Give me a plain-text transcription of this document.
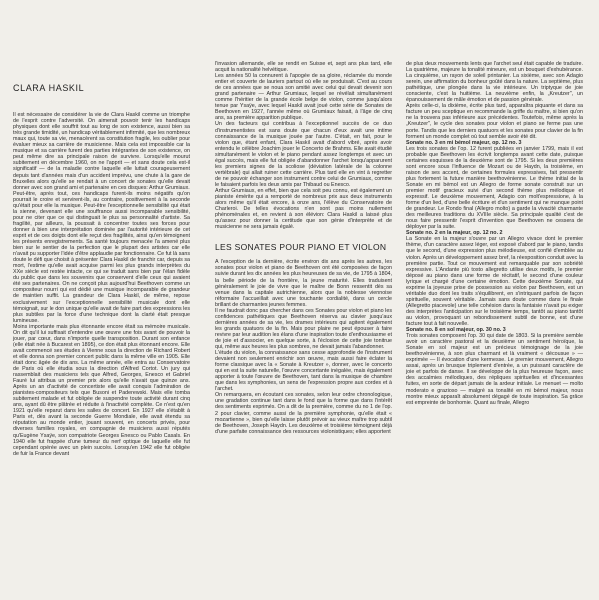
CLARA HASKIL

Il est nécessaire de considérer la vie de Clara Haskil comme un triomphe de l'esprit contre l'adversité. On aimerait pouvoir tenir les handicaps physiques dont elle souffrit tout au long de son existence, aussi bien sa très grande timidité, un handicap véritablement infirmité, que les nombreux maux qui, toute sa vie, menacèrent sa constitution fragile, les oublier pour évaluer mieux sa carrière de musicienne. Mais cela est impossible car la musique et sa carrière furent des parties intégrantes de son existence, on peut même dire sa principale raison de survivre. Lorsqu'elle mourut subitement en décembre 1960, on ne l'apprit — et sans doute cela est-il significatif — de la maladie contre laquelle elle luttait courageusement depuis tant d'années mais d'un accident imprévu, une chute à la gare de Bruxelles alors qu'elle se rendait à un concert de sonates qu'elle devait donner avec son grand ami et partenaire en ces disques: Arthur Grumiaux.

Peut-être, après tout, ces handicaps furent-ils moins négatifs qu'on pourrait le croire et servirent-ils, au contraire, positivement à la seconde qu'était pour elle la musique. Peut-être l'exceptionnelle sensibilité qui était la sienne, devenant elle une souffrance aussi incomparable sensibilité, pour ne citer que ce qui distinguait le plus sa personnalité d'artiste. Sa fragilité, par ailleurs, la poussait à concentrer toutes ses forces pour donner à bien une interprétation dominée par l'autorité intérieure de cet esprit et de ces doigts dont elle reçut des fragilités, ainsi qu'en témoignent les présents enregistrements. Sa santé toujours menacée l'a amené plus bien sur le sentier de la perfection que le plupart des artistes car elle n'avait pu supporter l'idée d'être applaudie par fonctionnaire. Ce fut là sans doute le défi que choisit à présenter Clara Haskil de franchir car, depuis sa mort, l'estime qu'elle avait acquise parmi les plus grands interprètes du XXe siècle est restée intacte, ce qui se traduit sans bien par l'élan fidèle du public que dans les souvenirs que conservent d'elle ceux qui avaient été ses partenaires. On ne conçoit plus aujourd'hui Beethoven comme un compositeur nourri qui est dédié une musique incomparable de grandeur de maintien suffit. La grandeur de Clara Haskil, de même, repose exclusivement sur l'exceptionnelle sensibilité musicale dont elle témoignait, sur le don unique qu'elle avait de faire part des expressions les plus subtiles par la force d'une technique dont la clarté était presque lumineuse.

Moins importante mais plus étonnante encore était sa mémoire musicale. On dit qu'il lui suffisait d'entendre une œuvre une fois avant de pouvoir la jouer, par cœur, dans n'importe quelle transposition. Durant son enfance (elle était née à Bucarest en 1895), ce don était plus étonnant encore. Elle avait commencé ses études à Vienne sous la direction de Richard Robert et elle donna son premier concert public dans la même ville en 1905. Elle était donc âgée de dix ans. La même année, elle entra au Conservatoire de Paris où elle étudia sous la direction d'Alfred Cortot. Un jury qui rassemblait des musiciens tels que Alfred, Georges, Enesco et Gabriel Fauré lui attribua un premier prix alors qu'elle n'avait que quinze ans. Après un an d'activité de concertiste elle avait conquis l'admiration de pianistes-compositeurs tels que Busoni et Paderewski. Mais elle tomba subitement malade et fut obligée de suspendre toute activité durant cinq ans, ayant dû être plâtrée et réduite à l'inactivité complète. Ce n'est qu'en 1921 qu'elle reparut dans les salles de concert. En 1927 elle s'établit à Paris et, dès avant la seconde Guerre Mondiale, elle avait étendu sa réputation au monde entier, jouant souvent, en concerts privés, pour diverses familles royales, en compagnie de musiciens aussi réputés qu'Eugène Ysaÿe, son compatriote Georges Enesco ou Pablo Casals. En 1940 elle fut frappée d'une tumeur du nerf optique de laquelle elle fut cependant opérée avec un plein succès. Lorsqu'en 1942 elle fut obligée de fuir la France devant

l'invasion allemande, elle se rendit en Suisse et, sept ans plus tard, elle acquit la nationalité helvétique.

Les années 50 la connurent à l'apogée de sa gloire, réclamée du monde entier et couverte de lauriers partout où elle se produisait. C'est au cours de ces années que se noua son amitié avec celui qui devait devenir son grand partenaire — Arthur Grumiaux, lequel se révélait simultanément comme l'héritier de la grande école belge de violon, comme jusqu'alors tenue par Ysaÿe, avec lequel Haskil avait joué cette série de Sonates de Beethoven en 1927, l'année même où Grumiaux faisait, à l'âge de cinq ans, sa première apparition publique.

Un des facteurs qui contribua à l'exceptionnel succès de ce duo d'instrumentistes est sans doute que chacun d'eux avait une intime connaissance de la musique jouée par l'autre. C'était, en fait, pour le violon que, étant enfant, Clara Haskil avait d'abord vibré, après avoir entendu le célèbre Joachim jouer le Concerto de Brahms. Elle avait étudié simultanément le violon et le piano pendant assez longtemps et avec un égal succès, mais elle fut obligée d'abandonner l'archet lorsqu'apparurent les premiers signes de la scoliose (déviation latérale de la colonne vertébrale) qui allait ruiner cette carrière. Plus tard elle en vint à regretter de ne pouvoir échanger son instrument contre celui de Grumiaux, comme le faisaient parfois les deux amis par Thibaud ou Enesco.

Arthur Grumiaux, en effet, bien que cela soit peu connu, est également un pianiste émérite qui a remporté de nombreux prix aux deux instruments alors même qu'il était encore, à onze ans, l'élève du Conservatoire de Charleroi. De telles évocations n'en sont pas moins nullement phénoménales et, en revient à son élévion: Clara Haskil a laissé plus qu'assez pour donner la certitude que son génie d'interprète et de musicienne ne sera jamais égalé.

LES SONATES POUR PIANO ET VIOLON

A l'exception de la dernière, écrite environ dix ans après les autres, les sonates pour violon et piano de Beethoven ont été composées de façon suivie durant les dix années les plus heureuses de sa vie, de 1795 à 1804, la belle période de la frontière, la jeune maturité. Elles traduisent généralement le joie de vivre que le maître de Bonn ressentit dès sa venue dans la capitale autrichienne, alors que la noblesse viennoise réformaire l'accueillait avec une touchante cordialité, dans un cercle brillant de charmantes jeunes femmes.

Il ne faudrait donc pas chercher dans ces Sonates pour violon et piano les confidences pathétiques que Beethoven réserva au clavier jusqu'aux dernières années de sa vie, les drames intérieurs qui agitent également les grands quatuors de la fin. Mais pour plaire ne peut épouser à faire revivre par leur audition les élans d'une inspiration toute d'enthousiasme et de joie et d'associer, en quelque sorte, à l'éclosion de cette joie tonitrue qui, même aux heures les plus sombres, ne devait jamais l'abandonner.

L'étude du violon, la connaissance sans cesse approfondie de l'instrument devaient non seulement enrichir son œuvre, mais aussi faire éclater la forme classique avec la « Sonate à Kreutzer », donner, avec le concerto qui en est la suite naturelle, l'œuvre concertante inégalée, mais également apporter à toute l'œuvre de Beethoven, tant dans la musique de chambre que dans les symphonies, un sens de l'expression propre aux cordes et à l'archet.

On remarquera, en écoutant ces sonates, selon leur ordre chronologique, une gradation continue tant dans le fond que la forme que dans l'intérêt des sentiments exprimés. On a dit de la première, comme du no 1 de l'op. 2 pour clavier, comme aussi de la première symphonie, qu'elle était « mozartienne », bien qu'elle laisse plutôt prévoir au vieux maître trop subtil de Beethoven, Joseph Haydn. Les deuxième et troisième témoignent déjà d'une parfaite connaissance des ressources violonistiques; elles apportent

de plus deux mouvements lents que l'archet seul était capable de traduire. La quatrième, majeure la tonalité mineure, est un bouquet d'exhubérance. La cinquième, un rayon de soleil printanier. La sixième, avec son Adagio serein, une affirmation du bonheur goûté dans la nature. La septième, plus pathétique, une plongée dans la vie intérieure. Un triptyque de joie consciente, c'est la huitième. La neuvième enfin, la „Kreutzer", un épanouissement de mâle émotion et de passion générale.

Après celle-ci, la dixième, écrite plus tard, apparaîtra piquante et dans sa facture un peu sceptique en recommande la griffe du maître, si bien qu'on ne la trouvera pas inférieure aux précédentes. Toutefois, même après la „Kreutzer", le cycle des sonates pour violon et piano se ferme pas une porte. Tandis que les derniers quatuors et les sonates pour clavier de la fin forment un monde complet où tout semble avoir été dit.

Sonate no. 3 en mi bémol majeur, op. 12 no. 3

Les trois sonates de l'op. 12 furent publiées en janvier 1799, mais il est probable que Beethoven les écrivit longtemps avant cette date, puisque certaines esquisses de la deuxième sont de 1795. Si les deux premières sont encore sous l'influence de Mozart ou de Haydn, la troisième, en raison de ses accent, de certaines formules expressives, fait pressentir plus fortement la future manière beethovénienne. Le thème initial de la Sonate en mi bémol est un Allegro de forme sonate construit sur un premier motif gracieux suivi d'un second thème plus mélodique et expressif. Le deuxième mouvement, Adagio con molt'espressione, à la forme d'un lied, d'une belle écriture et d'un sentiment qui ne manque point de grandeur. Le Rondo final (Allegro molto) a garde la vivacité charmante des meilleures traditions du XVIIIe siècle. Sa principale qualité c'est de nous faire pressentir l'esprit d'invention que Beethoven ne cessera de déployer par la suite.

Sonate no. 2 en la majeur, op. 12 no. 2

La Sonate en la majeur s'ouvre par un Allegro vivace dont le premier thème, d'un caractère assez léger, est exposé d'abord par le piano, tandis que le second, d'une expression plus mélodieuse, est confié d'emblée au violon. Après un développement assez bref, la réexposition conduit avec la première partie. Tout ce mouvement est remarquable par son sobriété expressive. L'Andante più tosto allegretto utilise deux motifs, le premier déposé au piano dans une forme de récitatif, le second d'une couleur lyrique et chargé d'une certaine émotion. Cette deuxième Sonate, qui exprime la joyeuse prise de possession au violon par Beethoven, est un véritable duo dont les traits s'équilibrent, en s'intriquant parfois de façon spirituelle, souvent véritable. Jamais sans doute comme dans le finale (Allegretto piacevole) une telle cohésion dans la fantaisie n'avait pu exiger des interprètes l'anticipation sur le troisième temps, tantôt au piano tantôt au violon, provoquant un rebondissement subtil de bonne, est d'une facture tout à fait nouvelle.

Sonate no. 8 en sol majeur, op. 30 no. 3

Trois sonates composent l'op. 30 qui date de 1803. Si la première semble avoir un caractère pastoral et la deuxième un sentiment héroïque, la Sonate en sol majeur est un précieux témoignage de la joie beethovénienne, à son plus charmant et là vraiment « décousue » — exprimée — Il évocation d'une kermesse. Le premier mouvement, Allegro assai, après un brusque triplement d'entrée, a un puissant caractère de joie et parfois de danse. Il se développe de la plus heureuse façon, avec des accalmies mélodiques, des répliques spirituelles et d'incessantes fuites, en sorte de départ jamais de la ardeur initiale. Le menuet — molto moderato e grazioso — malgré sa tonalité en mi bémol majeur, nous montre mieux apparaît absolument dégagé de toute inspiration. Sa grâce est empreinte de bonhomie. Quant au finale, Allegro
